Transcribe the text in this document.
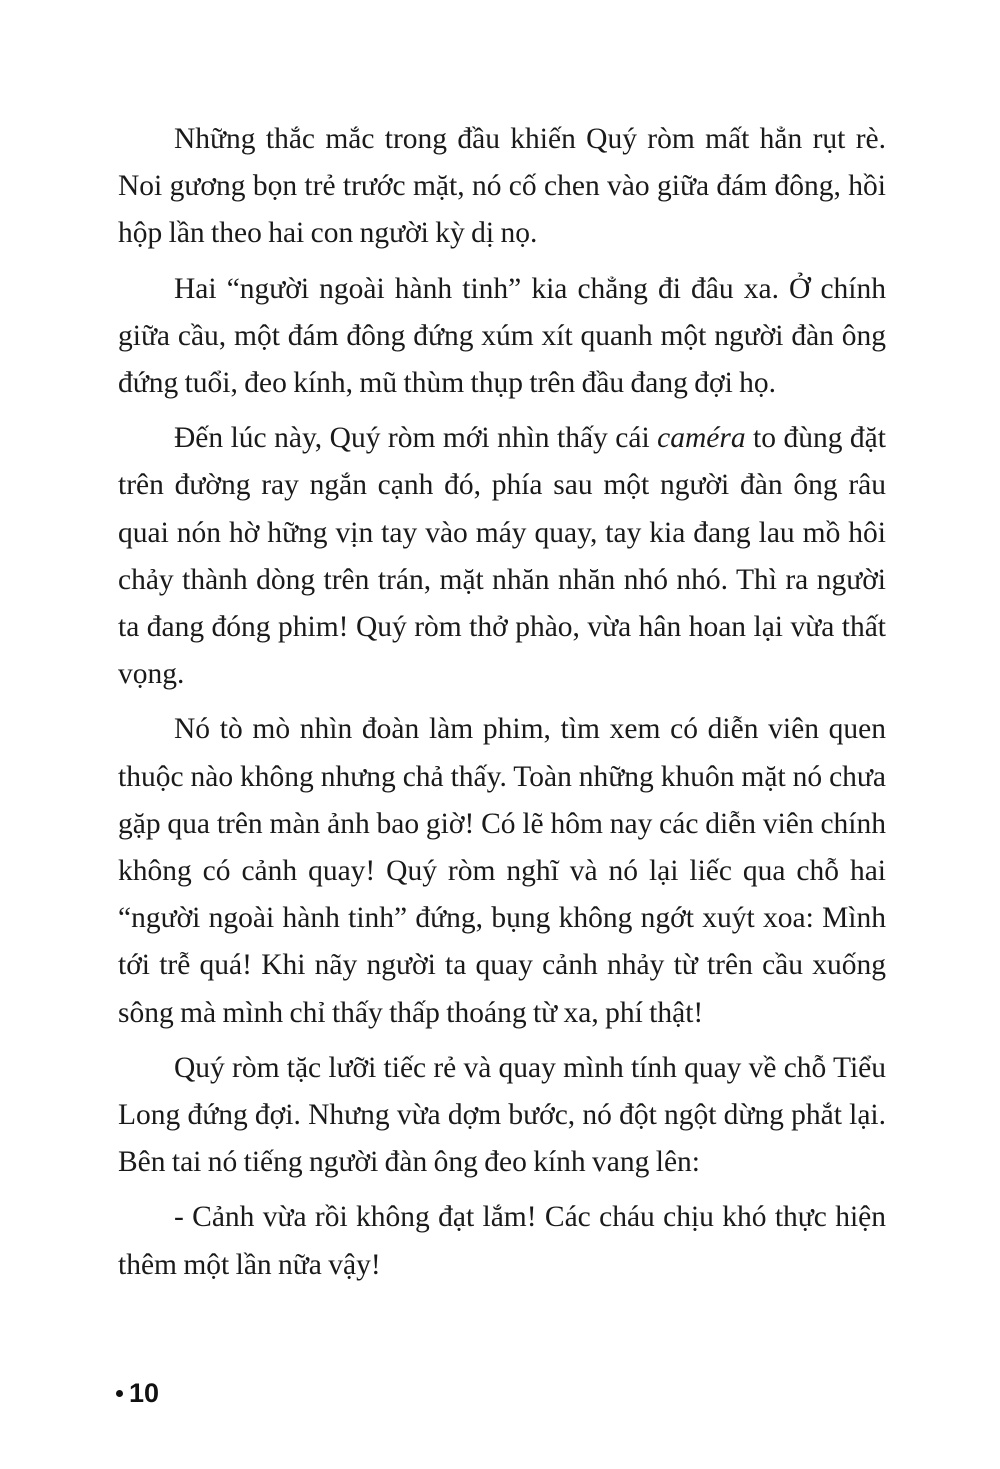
Những thắc mắc trong đầu khiến Quý ròm mất hẳn rụt rè. Noi gương bọn trẻ trước mặt, nó cố chen vào giữa đám đông, hồi hộp lần theo hai con người kỳ dị nọ.

Hai “người ngoài hành tinh” kia chẳng đi đâu xa. Ở chính giữa cầu, một đám đông đứng xúm xít quanh một người đàn ông đứng tuổi, đeo kính, mũ thùm thụp trên đầu đang đợi họ.

Đến lúc này, Quý ròm mới nhìn thấy cái caméra to đùng đặt trên đường ray ngắn cạnh đó, phía sau một người đàn ông râu quai nón hờ hững vịn tay vào máy quay, tay kia đang lau mồ hôi chảy thành dòng trên trán, mặt nhăn nhăn nhó nhó. Thì ra người ta đang đóng phim! Quý ròm thở phào, vừa hân hoan lại vừa thất vọng.

Nó tò mò nhìn đoàn làm phim, tìm xem có diễn viên quen thuộc nào không nhưng chả thấy. Toàn những khuôn mặt nó chưa gặp qua trên màn ảnh bao giờ! Có lẽ hôm nay các diễn viên chính không có cảnh quay! Quý ròm nghĩ và nó lại liếc qua chỗ hai “người ngoài hành tinh” đứng, bụng không ngớt xuýt xoa: Mình tới trễ quá! Khi nãy người ta quay cảnh nhảy từ trên cầu xuống sông mà mình chỉ thấy thấp thoáng từ xa, phí thật!

Quý ròm tặc lưỡi tiếc rẻ và quay mình tính quay về chỗ Tiểu Long đứng đợi. Nhưng vừa dợm bước, nó đột ngột dừng phắt lại. Bên tai nó tiếng người đàn ông đeo kính vang lên:

- Cảnh vừa rồi không đạt lắm! Các cháu chịu khó thực hiện thêm một lần nữa vậy!

10
